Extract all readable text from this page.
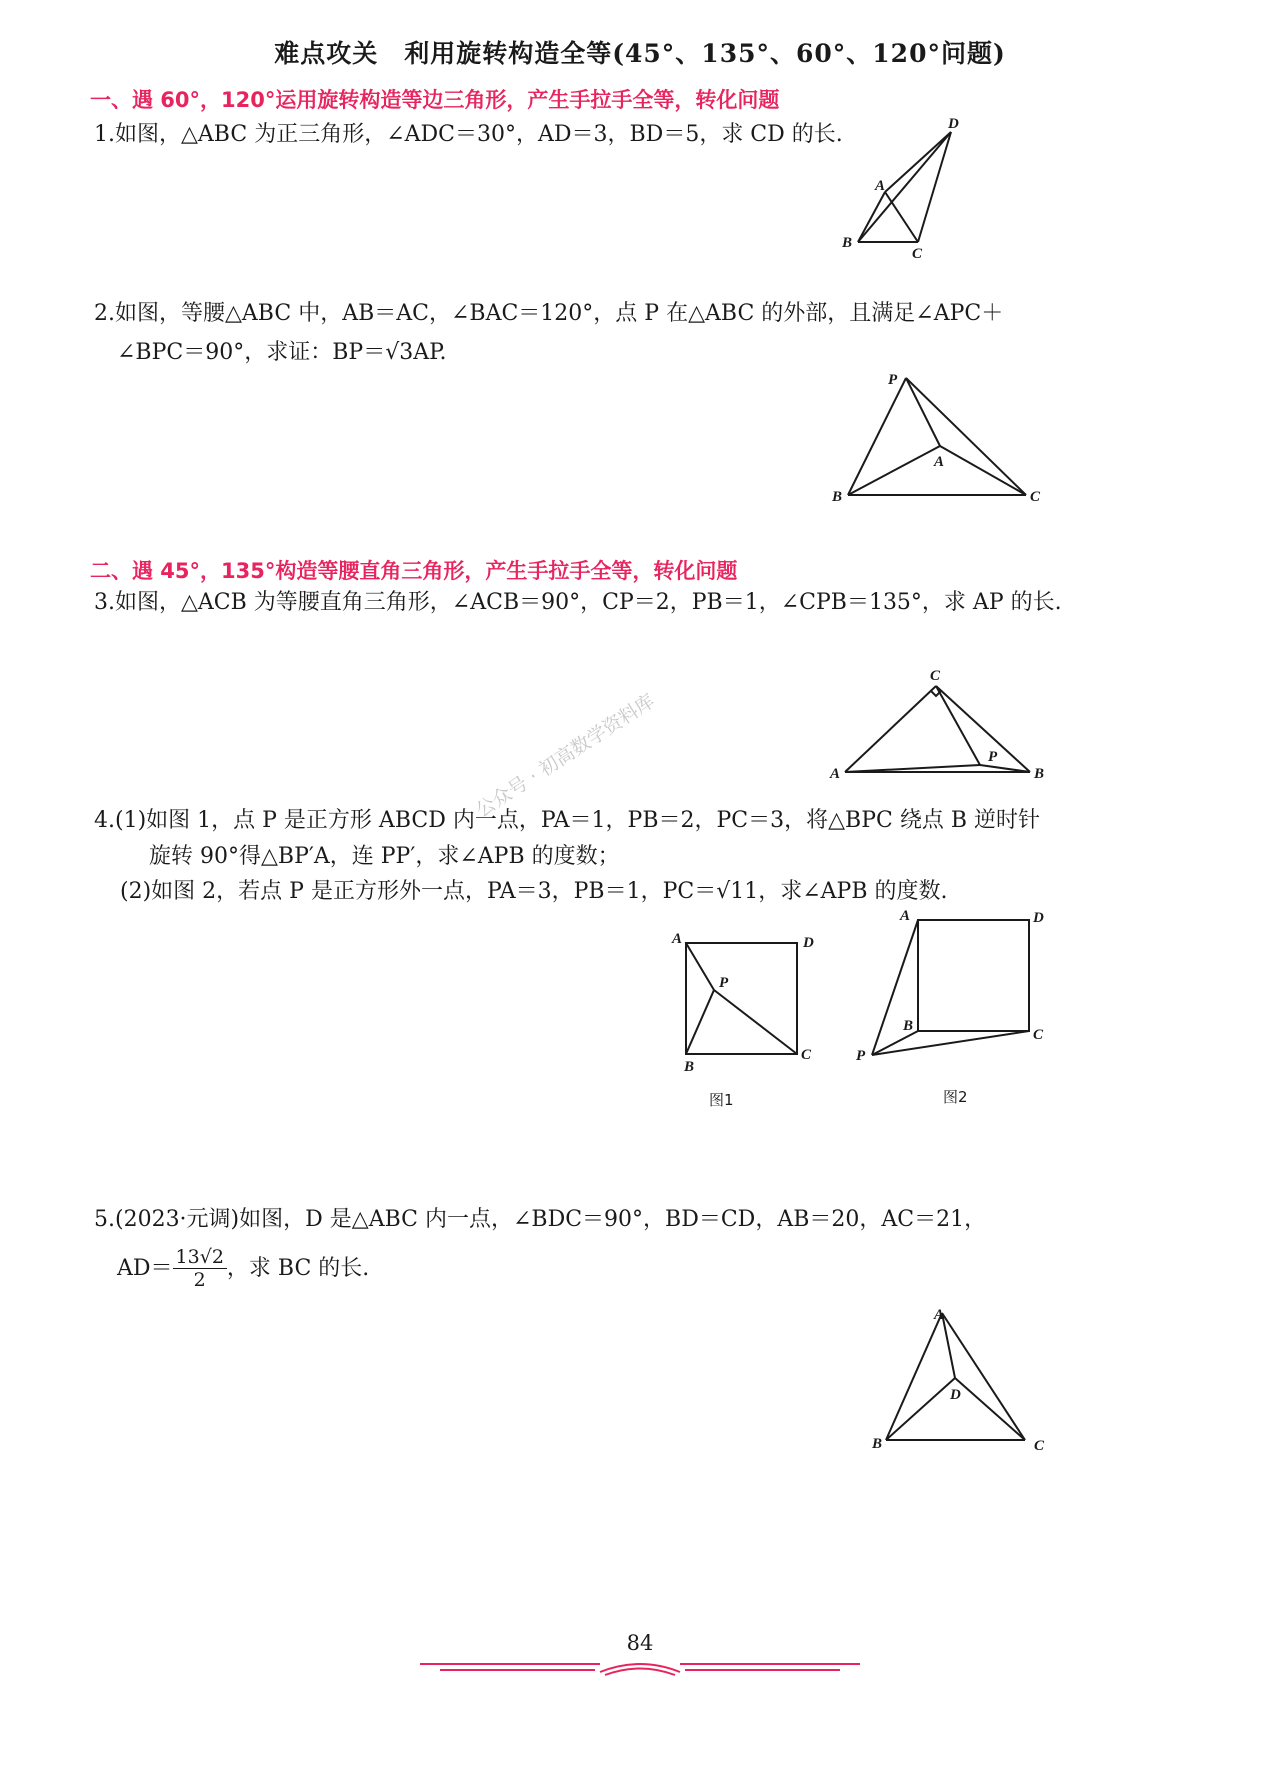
难点攻关　利用旋转构造全等(45°、135°、60°、120°问题)
一、遇 60°，120°运用旋转构造等边三角形，产生手拉手全等，转化问题
1.如图，△ABC 为正三角形，∠ADC＝30°，AD＝3，BD＝5，求 CD 的长.	D
A
B
C
2.如图，等腰△ABC 中，AB＝AC，∠BAC＝120°，点 P 在△ABC 的外部，且满足∠APC＋
∠BPC＝90°，求证：BP＝√3AP.
P
A
B	C
二、遇 45°，135°构造等腰直角三角形，产生手拉手全等，转化问题
3.如图，△ACB 为等腰直角三角形，∠ACB＝90°，CP＝2，PB＝1，∠CPB＝135°，求 AP 的长.
C
P
A	B
4.(1)如图 1，点 P 是正方形 ABCD 内一点，PA＝1，PB＝2，PC＝3，将△BPC 绕点 B 逆时针
旋转 90°得△BP′A，连 PP′，求∠APB 的度数；
(2)如图 2，若点 P 是正方形外一点，PA＝3，PB＝1，PC＝√11，求∠APB 的度数.
A	D
P
B
C
图1
A	D
B
C
P
图2
5.(2023·元调)如图，D 是△ABC 内一点，∠BDC＝90°，BD＝CD，AB＝20，AC＝21，
$AD= \frac{13√2}{2}$ ，求 BC 的长.
A
D
B	C
公众号 · 初高数学资料库
84
